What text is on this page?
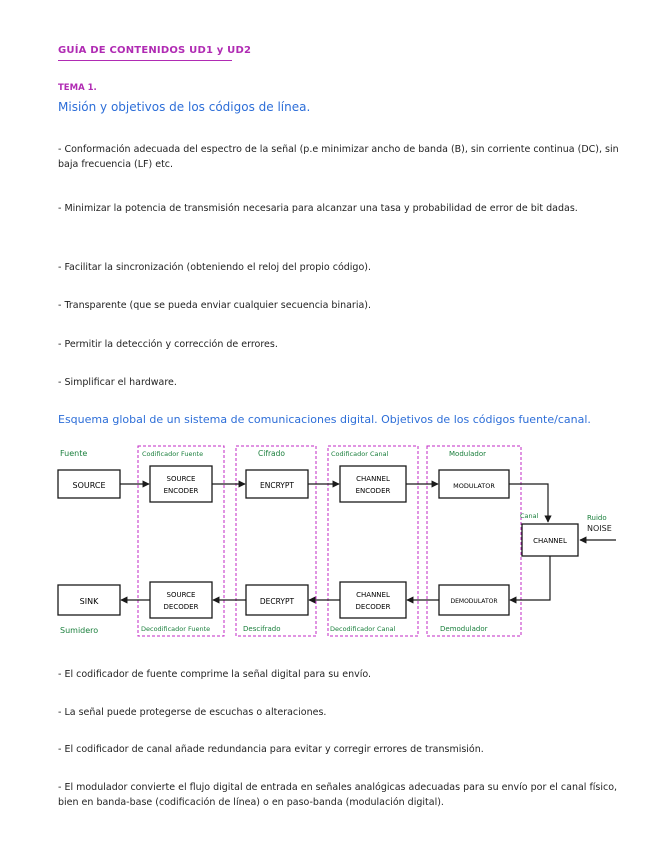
GUÍA DE CONTENIDOS UD1 y UD2
TEMA 1.
Misión y objetivos de los códigos de línea.
- Conformación adecuada del espectro de la señal (p.e minimizar ancho de banda (B), sin corriente continua (DC), sin baja frecuencia (LF) etc.
- Minimizar la potencia de transmisión necesaria para alcanzar una tasa y probabilidad de error de bit dadas.
- Facilitar la sincronización (obteniendo el reloj del propio código).
- Transparente (que se pueda enviar cualquier secuencia binaria).
- Permitir la detección y corrección de errores.
- Simplificar el hardware.
Esquema global de un sistema de comunicaciones digital. Objetivos de los códigos fuente/canal.
Fuente	Codificador Fuente	Cifrado	Codificador Canal	Modulador
SOURCE
SOURCE
ENCODER
ENCRYPT
CHANNEL
ENCODER
MODULATOR
CHANNEL
Canal	Ruido
NOISE
SINK
SOURCE
DECODER
DECRYPT
CHANNEL
DECODER
DEMODULATOR
Sumidero	Decodificador Fuente	Descifrado	Decodificador Canal	Demodulador
- El codificador de fuente comprime la señal digital para su envío.
- La señal puede protegerse de escuchas o alteraciones.
- El codificador de canal añade redundancia para evitar y corregir errores de transmisión.
- El modulador convierte el flujo digital de entrada en señales analógicas adecuadas para su envío por el canal físico, bien en banda-base (codificación de línea) o en paso-banda (modulación digital).
